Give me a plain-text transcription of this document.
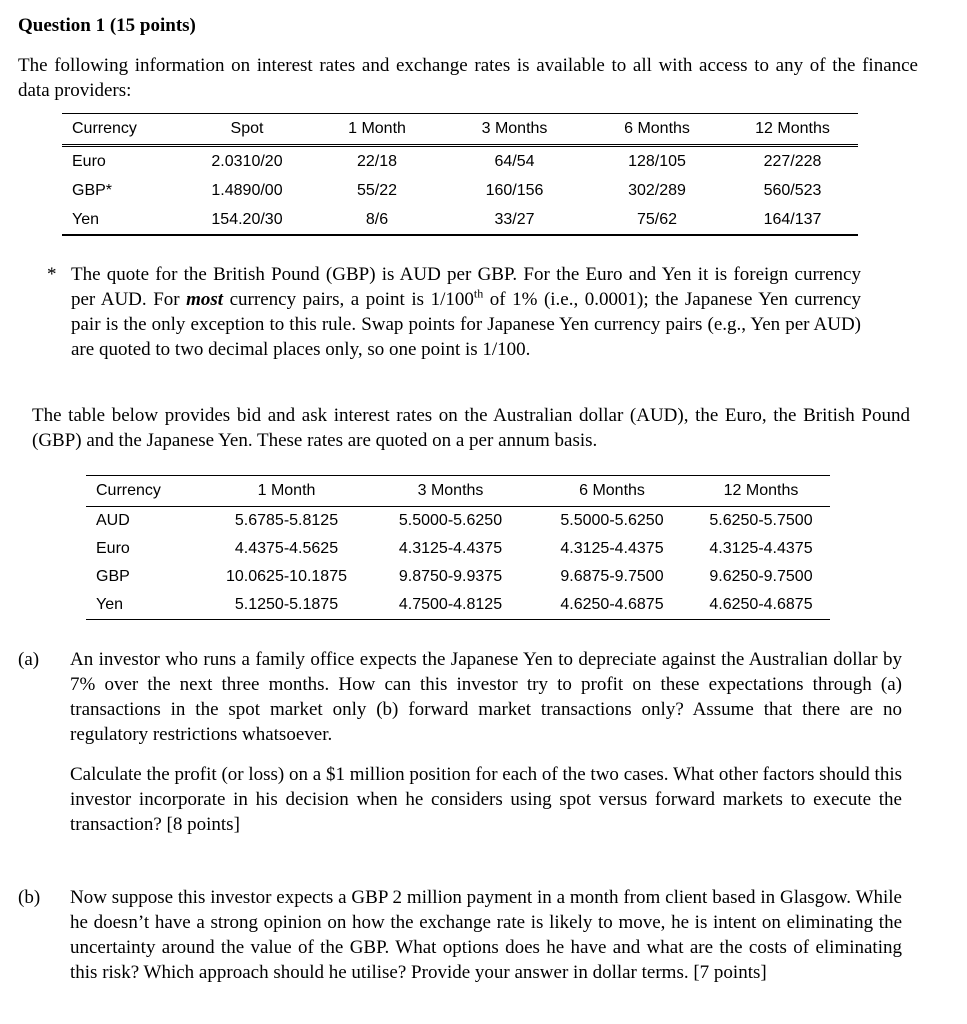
Question 1 (15 points)
The following information on interest rates and exchange rates is available to all with access to any of the finance data providers:
Currency	Spot	1 Month	3 Months	6 Months	12 Months
Euro	2.0310/20	22/18	64/54	128/105	227/228
GBP*	1.4890/00	55/22	160/156	302/289	560/523
Yen	154.20/30	8/6	33/27	75/62	164/137
* The quote for the British Pound (GBP) is AUD per GBP. For the Euro and Yen it is foreign currency per AUD. For most currency pairs, a point is 1/100th of 1% (i.e., 0.0001); the Japanese Yen currency pair is the only exception to this rule. Swap points for Japanese Yen currency pairs (e.g., Yen per AUD) are quoted to two decimal places only, so one point is 1/100.
The table below provides bid and ask interest rates on the Australian dollar (AUD), the Euro, the British Pound (GBP) and the Japanese Yen. These rates are quoted on a per annum basis.
Currency	1 Month	3 Months	6 Months	12 Months
AUD	5.6785-5.8125	5.5000-5.6250	5.5000-5.6250	5.6250-5.7500
Euro	4.4375-4.5625	4.3125-4.4375	4.3125-4.4375	4.3125-4.4375
GBP	10.0625-10.1875	9.8750-9.9375	9.6875-9.7500	9.6250-9.7500
Yen	5.1250-5.1875	4.7500-4.8125	4.6250-4.6875	4.6250-4.6875
(a) An investor who runs a family office expects the Japanese Yen to depreciate against the Australian dollar by 7% over the next three months. How can this investor try to profit on these expectations through (a) transactions in the spot market only (b) forward market transactions only? Assume that there are no regulatory restrictions whatsoever.
Calculate the profit (or loss) on a $1 million position for each of the two cases. What other factors should this investor incorporate in his decision when he considers using spot versus forward markets to execute the transaction? [8 points]
(b) Now suppose this investor expects a GBP 2 million payment in a month from client based in Glasgow. While he doesn’t have a strong opinion on how the exchange rate is likely to move, he is intent on eliminating the uncertainty around the value of the GBP. What options does he have and what are the costs of eliminating this risk? Which approach should he utilise? Provide your answer in dollar terms. [7 points]
